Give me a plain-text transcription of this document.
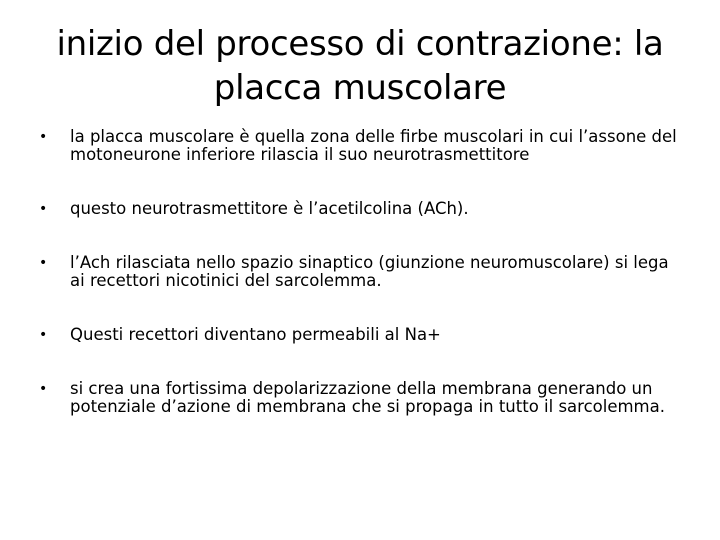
inizio del processo di contrazione: la placca muscolare
• la placca muscolare è quella zona delle firbe muscolari in cui l’assone del motoneurone inferiore rilascia il suo neurotrasmettitore
• questo neurotrasmettitore è l’acetilcolina (ACh).
• l’Ach rilasciata nello spazio sinaptico (giunzione neuromuscolare) si lega ai recettori nicotinici del sarcolemma.
• Questi recettori diventano permeabili al Na+
• si crea una fortissima depolarizzazione della membrana generando un potenziale d’azione di membrana che si propaga in tutto il sarcolemma.
